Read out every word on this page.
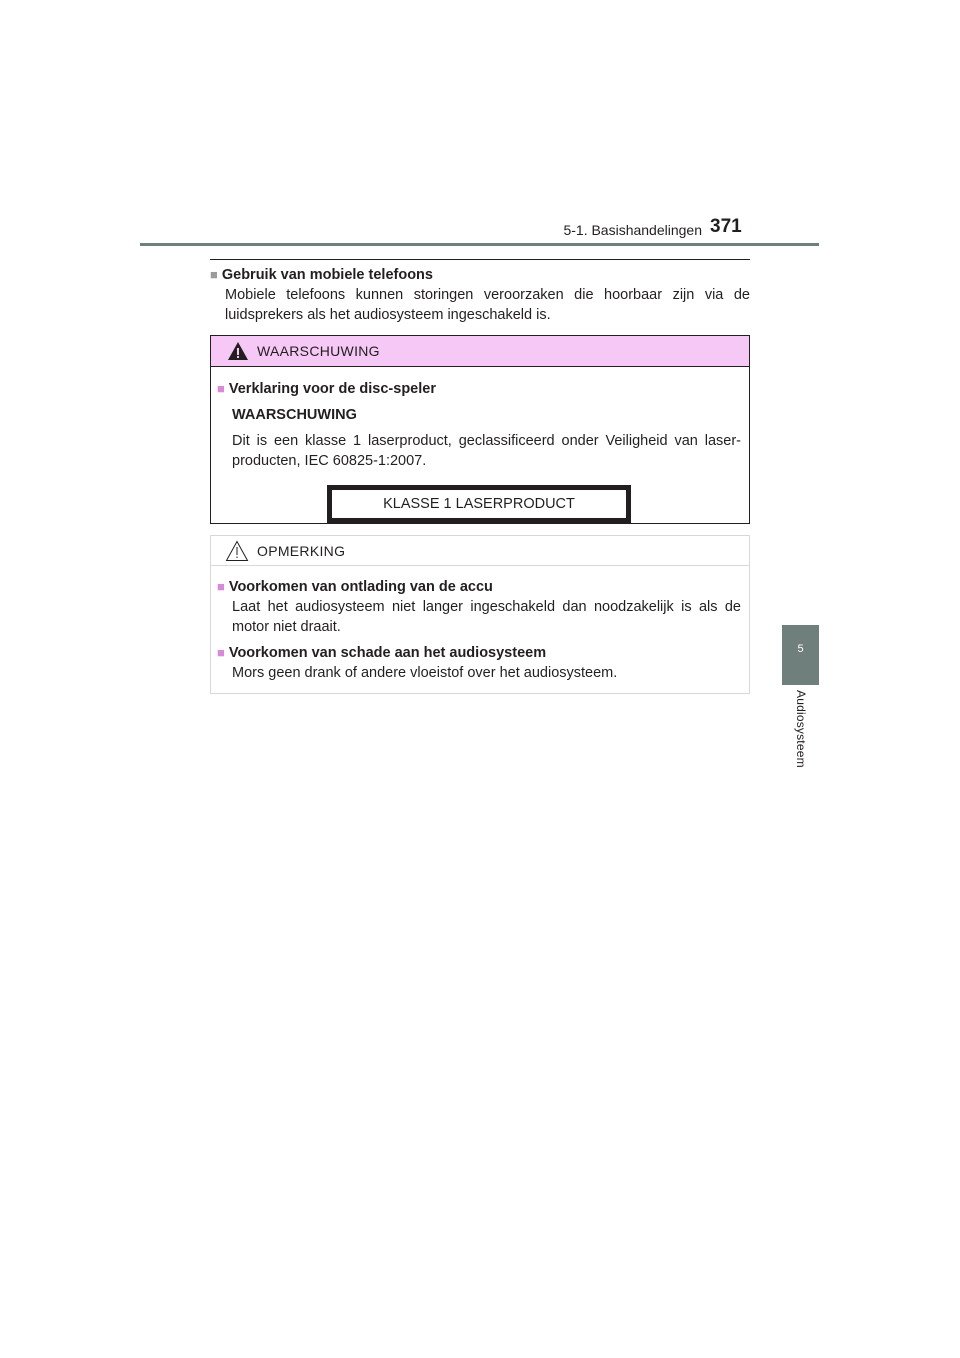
5-1. Basishandelingen 371
5
Audiosysteem
■ Gebruik van mobiele telefoons
Mobiele telefoons kunnen storingen veroorzaken die hoorbaar zijn via de luidsprekers als het audiosysteem ingeschakeld is.
WAARSCHUWING
■ Verklaring voor de disc-speler
WAARSCHUWING
Dit is een klasse 1 laserproduct, geclassificeerd onder Veiligheid van laser-producten, IEC 60825-1:2007.
KLASSE 1 LASERPRODUCT
OPMERKING
■ Voorkomen van ontlading van de accu
Laat het audiosysteem niet langer ingeschakeld dan noodzakelijk is als de motor niet draait.
■ Voorkomen van schade aan het audiosysteem
Mors geen drank of andere vloeistof over het audiosysteem.
